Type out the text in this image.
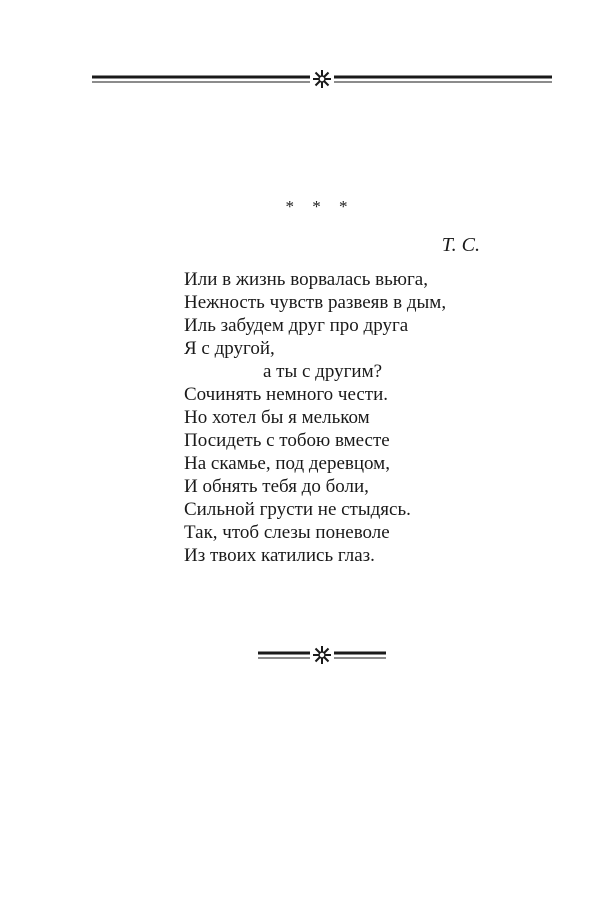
* * *
Т. С.
Или в жизнь ворвалась вьюга,
Нежность чувств развеяв в дым,
Иль забудем друг про друга
Я с другой,
а ты с другим?
Сочинять немного чести.
Но хотел бы я мельком
Посидеть с тобою вместе
На скамье, под деревцом,
И обнять тебя до боли,
Сильной грусти не стыдясь.
Так, чтоб слезы поневоле
Из твоих катились глаз.
